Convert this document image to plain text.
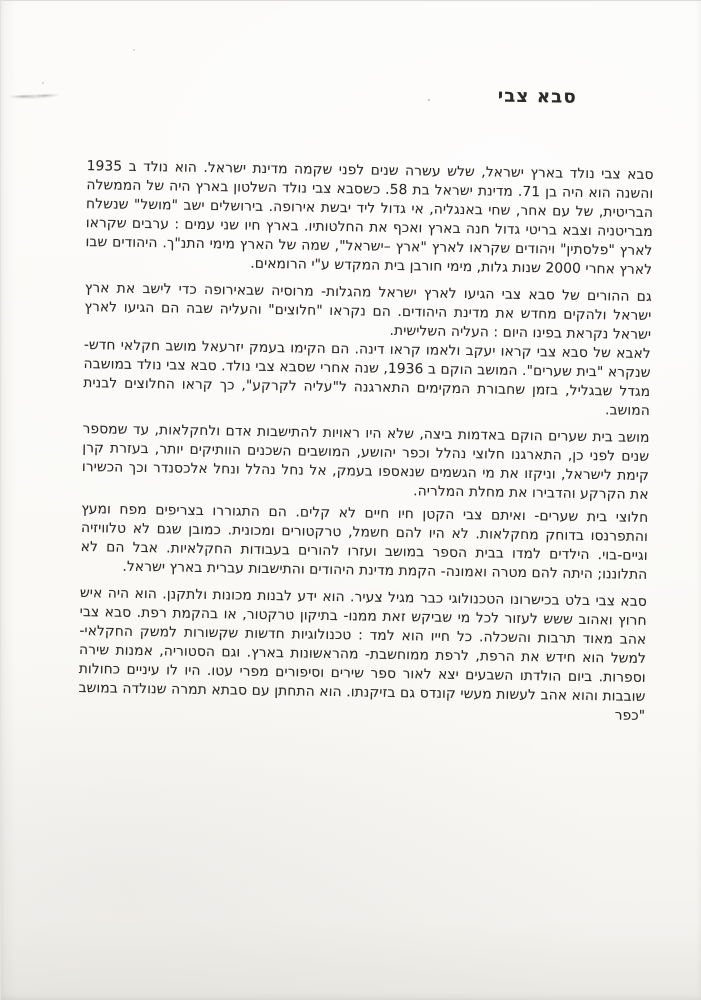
סבא צבי

סבא צבי נולד בארץ ישראל, שלש עשרה שנים לפני שקמה מדינת ישראל. הוא נולד ב 1935 והשנה הוא היה בן 71. מדינת ישראל בת 58. כשסבא צבי נולד השלטון בארץ היה של הממשלה הבריטית, של עם אחר, שחי באנגליה, אי גדול ליד יבשת אירופה. בירושלים ישב "מושל" שנשלח מבריטניה וצבא בריטי גדול חנה בארץ ואכף את החלטותיו. בארץ חיו שני עמים : ערבים שקראו לארץ "פלסתין" ויהודים שקראו לארץ "ארץ –ישראל", שמה של הארץ מימי התנ"ך. היהודים שבו לארץ אחרי 2000 שנות גלות, מימי חורבן בית המקדש ע"י הרומאים.

גם ההורים של סבא צבי הגיעו לארץ ישראל מהגלות- מרוסיה שבאירופה כדי לישב את ארץ ישראל ולהקים מחדש את מדינת היהודים. הם נקראו "חלוצים" והעליה שבה הם הגיעו לארץ ישראל נקראת בפינו היום : העליה השלישית.

לאבא של סבא צבי קראו יעקב ולאמו קראו דינה. הם הקימו בעמק יזרעאל מושב חקלאי חדש- שנקרא "בית שערים". המושב הוקם ב 1936, שנה אחרי שסבא צבי נולד. סבא צבי נולד במושבה מגדל שבגליל, בזמן שחבורת המקימים התארגנה ל"עליה לקרקע", כך קראו החלוצים לבנית המושב.

מושב בית שערים הוקם באדמות ביצה, שלא היו ראויות להתישבות אדם ולחקלאות, עד שמספר שנים לפני כן, התארגנו חלוצי נהלל וכפר יהושע, המושבים השכנים הוותיקים יותר, בעזרת קרן קימת לישראל, וניקזו את מי הגשמים שנאספו בעמק, אל נחל נהלל ונחל אלכסנדר וכך הכשירו את הקרקע והדבירו את מחלת המלריה.

חלוצי בית שערים- ואיתם צבי הקטן חיו חיים לא קלים. הם התגוררו בצריפים מפח ומעץ והתפרנסו בדוחק מחקלאות. לא היו להם חשמל, טרקטורים ומכונית. כמובן שגם לא טלוויזיה וגיים-בוי. הילדים למדו בבית הספר במושב ועזרו להורים בעבודות החקלאיות. אבל הם לא התלוננו; היתה להם מטרה ואמונה- הקמת מדינת היהודים והתישבות עברית בארץ ישראל.

סבא צבי בלט בכישרונו הטכנולוגי כבר מגיל צעיר. הוא ידע לבנות מכונות ולתקנן. הוא היה איש חרוץ ואהוב ששש לעזור לכל מי שביקש זאת ממנו- בתיקון טרקטור, או בהקמת רפת. סבא צבי אהב מאוד תרבות והשכלה. כל חייו הוא למד : טכנולוגיות חדשות שקשורות למשק החקלאי- למשל הוא חידש את הרפת, לרפת ממוחשבת- מהראשונות בארץ. וגם הסטוריה, אמנות שירה וספרות. ביום הולדתו השבעים יצא לאור ספר שירים וסיפורים מפרי עטו. היו לו עיניים כחולות שובבות והוא אהב לעשות מעשי קונדס גם בזיקנתו. הוא התחתן עם סבתא תמרה שנולדה במושב "כפר
